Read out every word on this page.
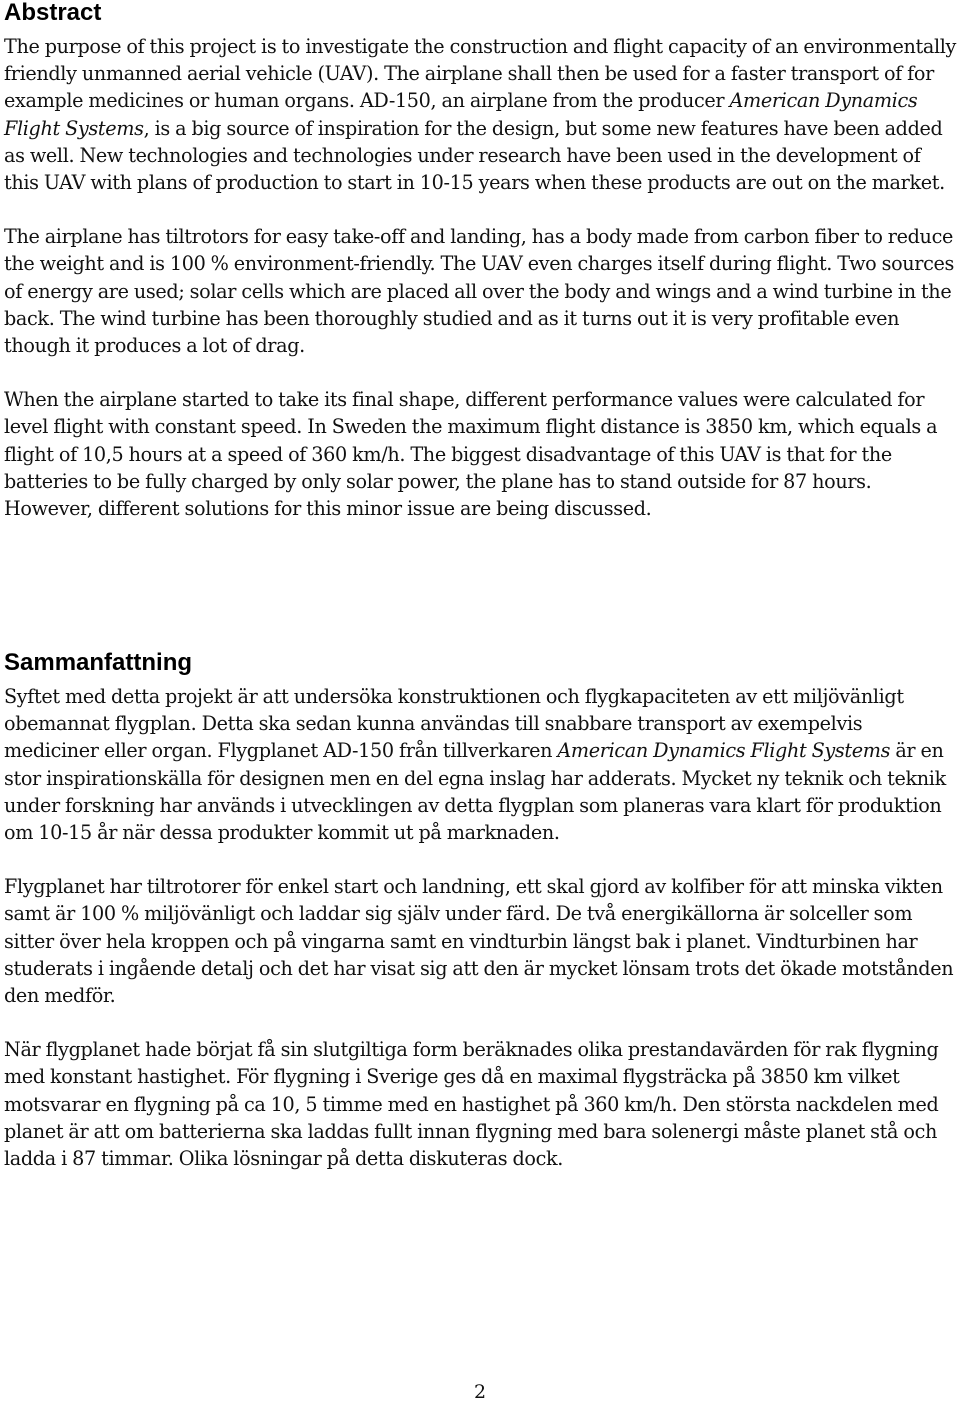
Abstract

The purpose of this project is to investigate the construction and flight capacity of an environmentally friendly unmanned aerial vehicle (UAV). The airplane shall then be used for a faster transport of for example medicines or human organs. AD-150, an airplane from the producer American Dynamics Flight Systems, is a big source of inspiration for the design, but some new features have been added as well. New technologies and technologies under research have been used in the development of this UAV with plans of production to start in 10-15 years when these products are out on the market.

The airplane has tiltrotors for easy take-off and landing, has a body made from carbon fiber to reduce the weight and is 100 % environment-friendly. The UAV even charges itself during flight. Two sources of energy are used; solar cells which are placed all over the body and wings and a wind turbine in the back. The wind turbine has been thoroughly studied and as it turns out it is very profitable even though it produces a lot of drag.

When the airplane started to take its final shape, different performance values were calculated for level flight with constant speed. In Sweden the maximum flight distance is 3850 km, which equals a flight of 10,5 hours at a speed of 360 km/h. The biggest disadvantage of this UAV is that for the batteries to be fully charged by only solar power, the plane has to stand outside for 87 hours. However, different solutions for this minor issue are being discussed.

Sammanfattning

Syftet med detta projekt är att undersöka konstruktionen och flygkapaciteten av ett miljövänligt obemannat flygplan. Detta ska sedan kunna användas till snabbare transport av exempelvis mediciner eller organ. Flygplanet AD-150 från tillverkaren American Dynamics Flight Systems är en stor inspirationskälla för designen men en del egna inslag har adderats. Mycket ny teknik och teknik under forskning har används i utvecklingen av detta flygplan som planeras vara klart för produktion om 10-15 år när dessa produkter kommit ut på marknaden.

Flygplanet har tiltrotorer för enkel start och landning, ett skal gjord av kolfiber för att minska vikten samt är 100 % miljövänligt och laddar sig själv under färd. De två energikällorna är solceller som sitter över hela kroppen och på vingarna samt en vindturbin längst bak i planet. Vindturbinen har studerats i ingående detalj och det har visat sig att den är mycket lönsam trots det ökade motstånden den medför.

När flygplanet hade börjat få sin slutgiltiga form beräknades olika prestandavärden för rak flygning med konstant hastighet. För flygning i Sverige ges då en maximal flygsträcka på 3850 km vilket motsvarar en flygning på ca 10, 5 timme med en hastighet på 360 km/h. Den största nackdelen med planet är att om batterierna ska laddas fullt innan flygning med bara solenergi måste planet stå och ladda i 87 timmar. Olika lösningar på detta diskuteras dock.

2
